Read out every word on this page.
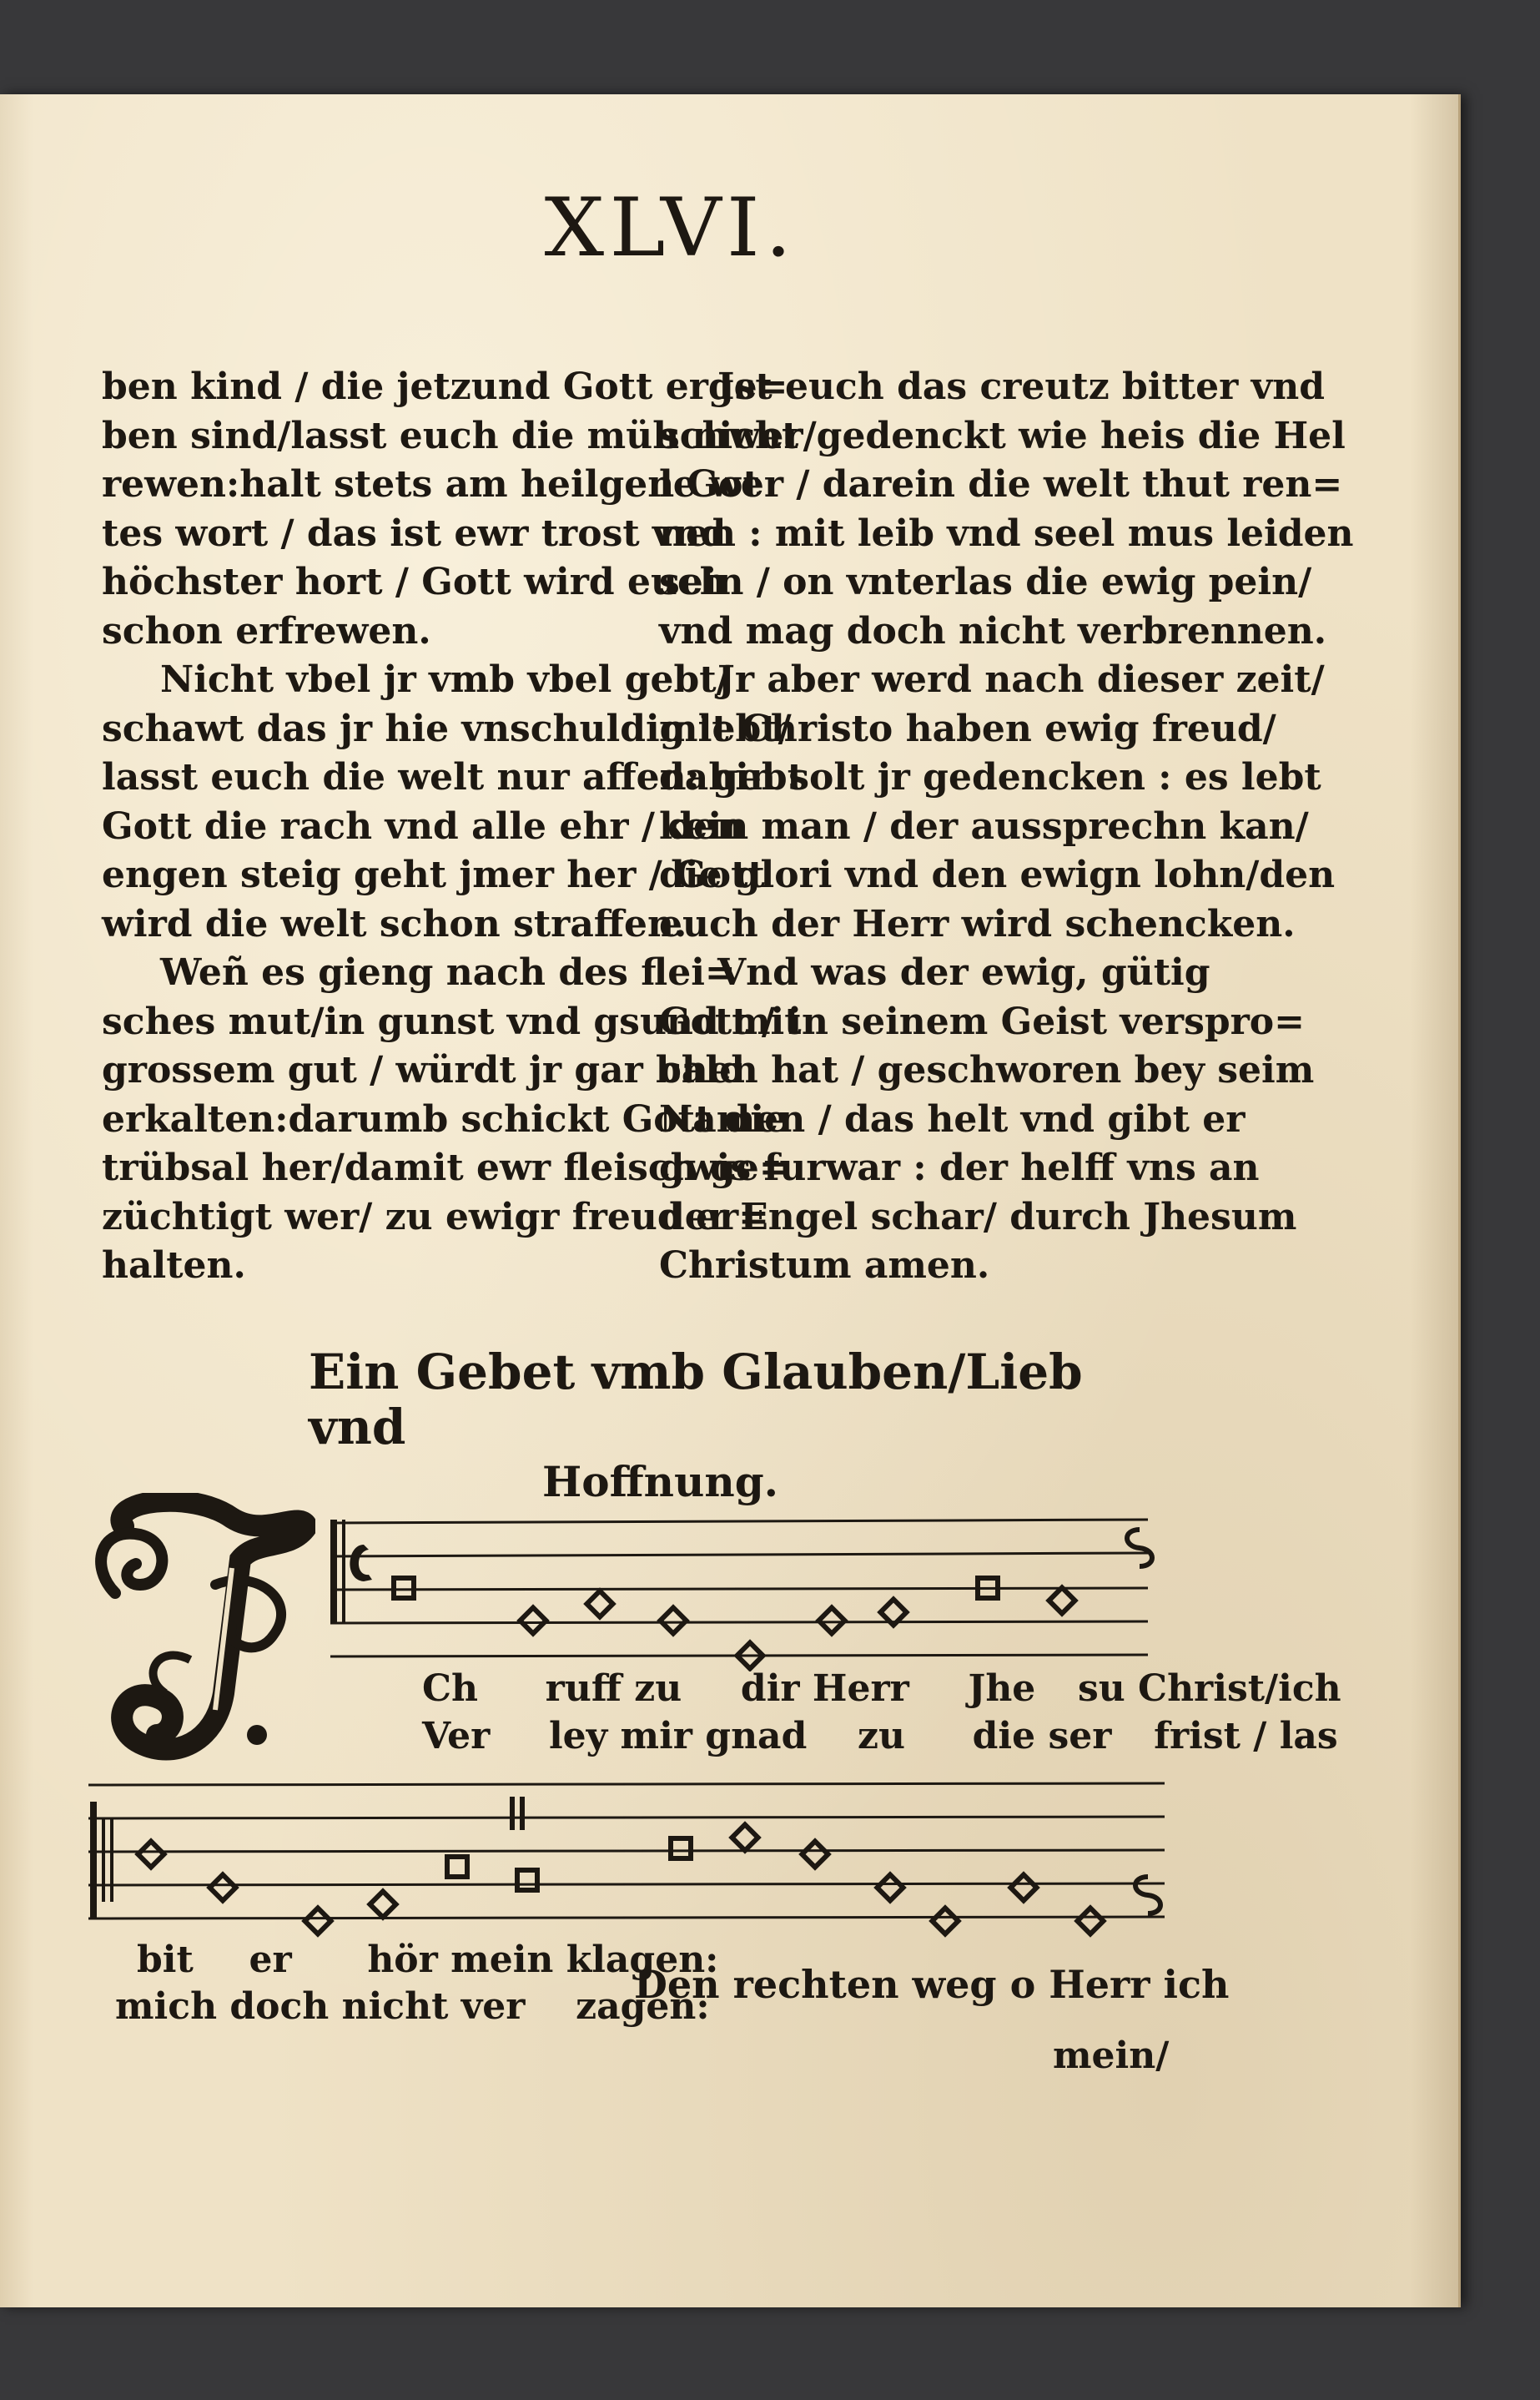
XLVI.
ben kind / die jetzund Gott erge=
ben sind/lasst euch die müh nicht
rewen:halt stets am heilgen Got
tes wort / das ist ewr trost vnd
höchster hort / Gott wird euch
schon erfrewen.
Nicht vbel jr vmb vbel gebt/
schawt das jr hie vnschuldig lebt/
lasst euch die welt nur affen: gebt
Gott die rach vnd alle ehr / den
engen steig geht jmer her / Gott
wird die welt schon straffen.
Weñ es gieng nach des flei=
sches mut/in gunst vnd gsund mit
grossem gut / würdt jr gar bald
erkalten:darumb schickt Gott die
trübsal her/damit ewr fleisch ge=
züchtigt wer/ zu ewigr freud er=
halten.
Ist euch das creutz bitter vnd
schwer/gedenckt wie heis die Hel
le wer / darein die welt thut ren=
nen : mit leib vnd seel mus leiden
sein / on vnterlas die ewig pein/
vnd mag doch nicht verbrennen.
Jr aber werd nach dieser zeit/
mit Christo haben ewig freud/
dahin solt jr gedencken : es lebt
kein man / der aussprechn kan/
die glori vnd den ewign lohn/den
euch der Herr wird schencken.
Vnd was der ewig, gütig
Gott / in seinem Geist verspro=
chen hat / geschworen bey seim
Namen / das helt vnd gibt er
gwis furwar : der helff vns an
der Engel schar/ durch Jhesum
Christum amen.
Ein Gebet vmb Glauben/Lieb vnd
Hoffnung.
Ch ruff zu dir Herr Jhe su Christ/ich
Ver ley mir gnad zu die ser frist / las
bit er hör mein klagen:
mich doch nicht ver zagen:
Den rechten weg o Herr ich
mein/
